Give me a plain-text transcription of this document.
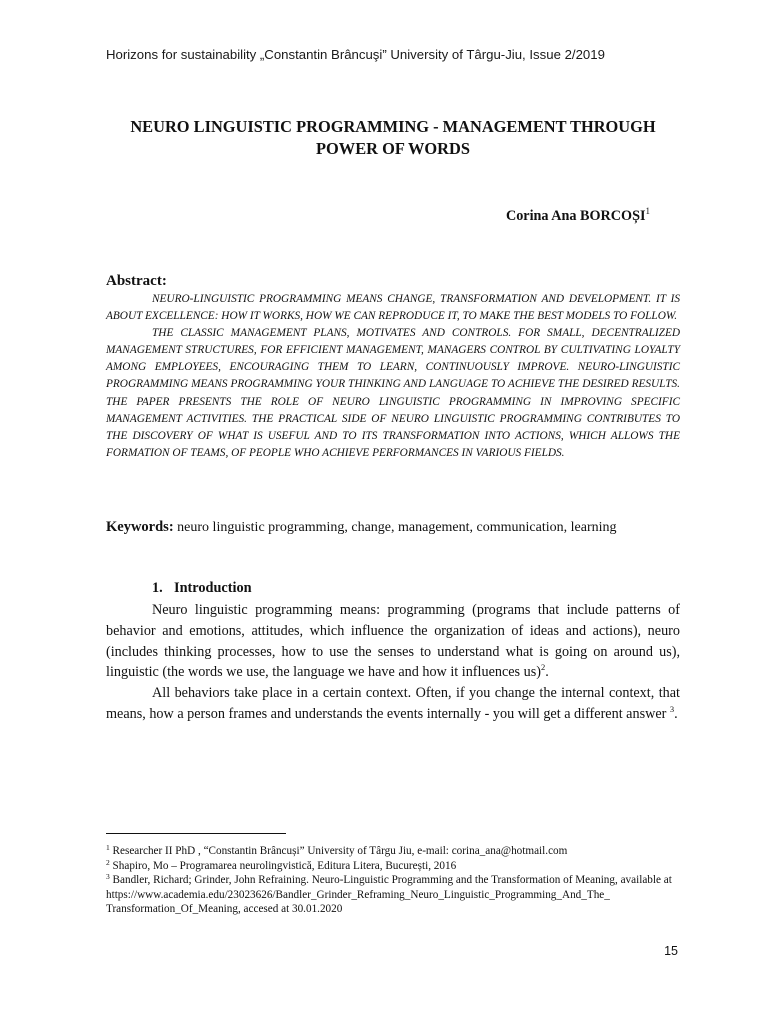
Horizons for sustainability „Constantin Brâncuşi” University of Târgu-Jiu, Issue 2/2019
NEURO LINGUISTIC PROGRAMMING - MANAGEMENT THROUGH
POWER OF WORDS
Corina Ana BORCOȘI$^1$
Abstract:

NEURO-LINGUISTIC PROGRAMMING MEANS CHANGE, TRANSFORMATION AND DEVELOPMENT. IT IS ABOUT EXCELLENCE: HOW IT WORKS, HOW WE CAN REPRODUCE IT, TO MAKE THE BEST MODELS TO FOLLOW.

THE CLASSIC MANAGEMENT PLANS, MOTIVATES AND CONTROLS. FOR SMALL, DECENTRALIZED MANAGEMENT STRUCTURES, FOR EFFICIENT MANAGEMENT, MANAGERS CONTROL BY CULTIVATING LOYALTY AMONG EMPLOYEES, ENCOURAGING THEM TO LEARN, CONTINUOUSLY IMPROVE. NEURO-LINGUISTIC PROGRAMMING MEANS PROGRAMMING YOUR THINKING AND LANGUAGE TO ACHIEVE THE DESIRED RESULTS. THE PAPER PRESENTS THE ROLE OF NEURO LINGUISTIC PROGRAMMING IN IMPROVING SPECIFIC MANAGEMENT ACTIVITIES. THE PRACTICAL SIDE OF NEURO LINGUISTIC PROGRAMMING CONTRIBUTES TO THE DISCOVERY OF WHAT IS USEFUL AND TO ITS TRANSFORMATION INTO ACTIONS, WHICH ALLOWS THE FORMATION OF TEAMS, OF PEOPLE WHO ACHIEVE PERFORMANCES IN VARIOUS FIELDS.

Keywords: neuro linguistic programming, change, management, communication, learning
1. Introduction

Neuro linguistic programming means: programming (programs that include patterns of behavior and emotions, attitudes, which influence the organization of ideas and actions), neuro (includes thinking processes, how to use the senses to understand what is going on around us), linguistic (the words we use, the language we have and how it influences us)$^2$.

All behaviors take place in a certain context. Often, if you change the internal context, that means, how a person frames and understands the events internally - you will get a different answer $^3$.

$^1$ Researcher II PhD , “Constantin Brâncuși” University of Târgu Jiu, e-mail: corina_ana@hotmail.com
$^2$ Shapiro, Mo – Programarea neurolingvistică, Editura Litera, București, 2016
$^3$ Bandler, Richard; Grinder, John Refraining. Neuro-Linguistic Programming and the Transformation of Meaning, available at
https://www.academia.edu/23023626/Bandler_Grinder_Reframing_Neuro_Linguistic_Programming_And_The_
Transformation_Of_Meaning, accesed at 30.01.2020
15
